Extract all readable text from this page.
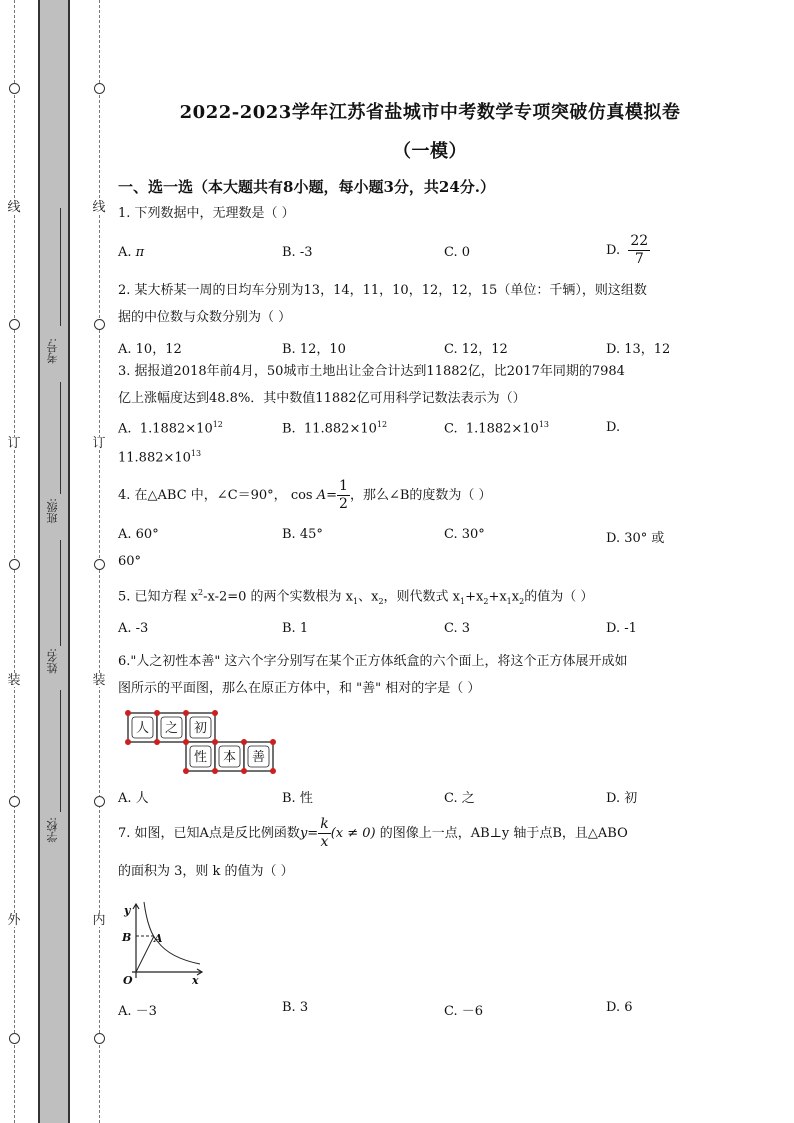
线
订
装
外
线
订
装
内
考号:
班级:
姓名:
学校:
2022-2023学年江苏省盐城市中考数学专项突破仿真模拟卷
（一模）
一、选一选（本大题共有8小题，每小题3分，共24分.）
1. 下列数据中，无理数是（ ）
A. π	B. -3	C. 0	D. $\frac{22}{7}$
2. 某大桥某一周的日均车分别为13，14，11，10，12，12，15（单位：千辆），则这组数
据的中位数与众数分别为（ ）
A. 10，12	B. 12，10	C. 12，12	D. 13，12
3. 据报道2018年前4月，50城市土地出让金合计达到11882亿，比2017年同期的7984
亿上涨幅度达到48.8%．其中数值11882亿可用科学记数法表示为（）
A. $1.1882\times 10^{12}$	B. $11.882\times 10^{12}$	C. $1.1882\times 10^{13}$	D.
$11.882\times 10^{13}$
4. 在△ABC 中，∠C＝90°， $\cos A= \frac{1}{2}$ ，那么∠B的度数为（ ）
A. 60°	B. 45°	C. 30°	D. 30° 或
60°
5. 已知方程 $x^2-x-2=0$ 的两个实数根为 $x_1$、$x_2$，则代数式 $x_1+x_2+x_1x_2$的值为（ ）
A. -3	B. 1	C. 3	D. -1
6."人之初性本善" 这六个字分别写在某个正方体纸盒的六个面上，将这个正方体展开成如
图所示的平面图，那么在原正方体中，和 "善" 相对的字是（ ）
人 之 初
性 本 善
A. 人	B. 性	C. 之	D. 初
7. 如图，已知A点是反比例函数$y= \frac{k}{x} (x \ne 0)$ 的图像上一点，AB⊥y 轴于点B，且△ABO
的面积为 3，则 k 的值为（ ）
y
B A
O	x
A. －3	B. 3	C. －6	D. 6
